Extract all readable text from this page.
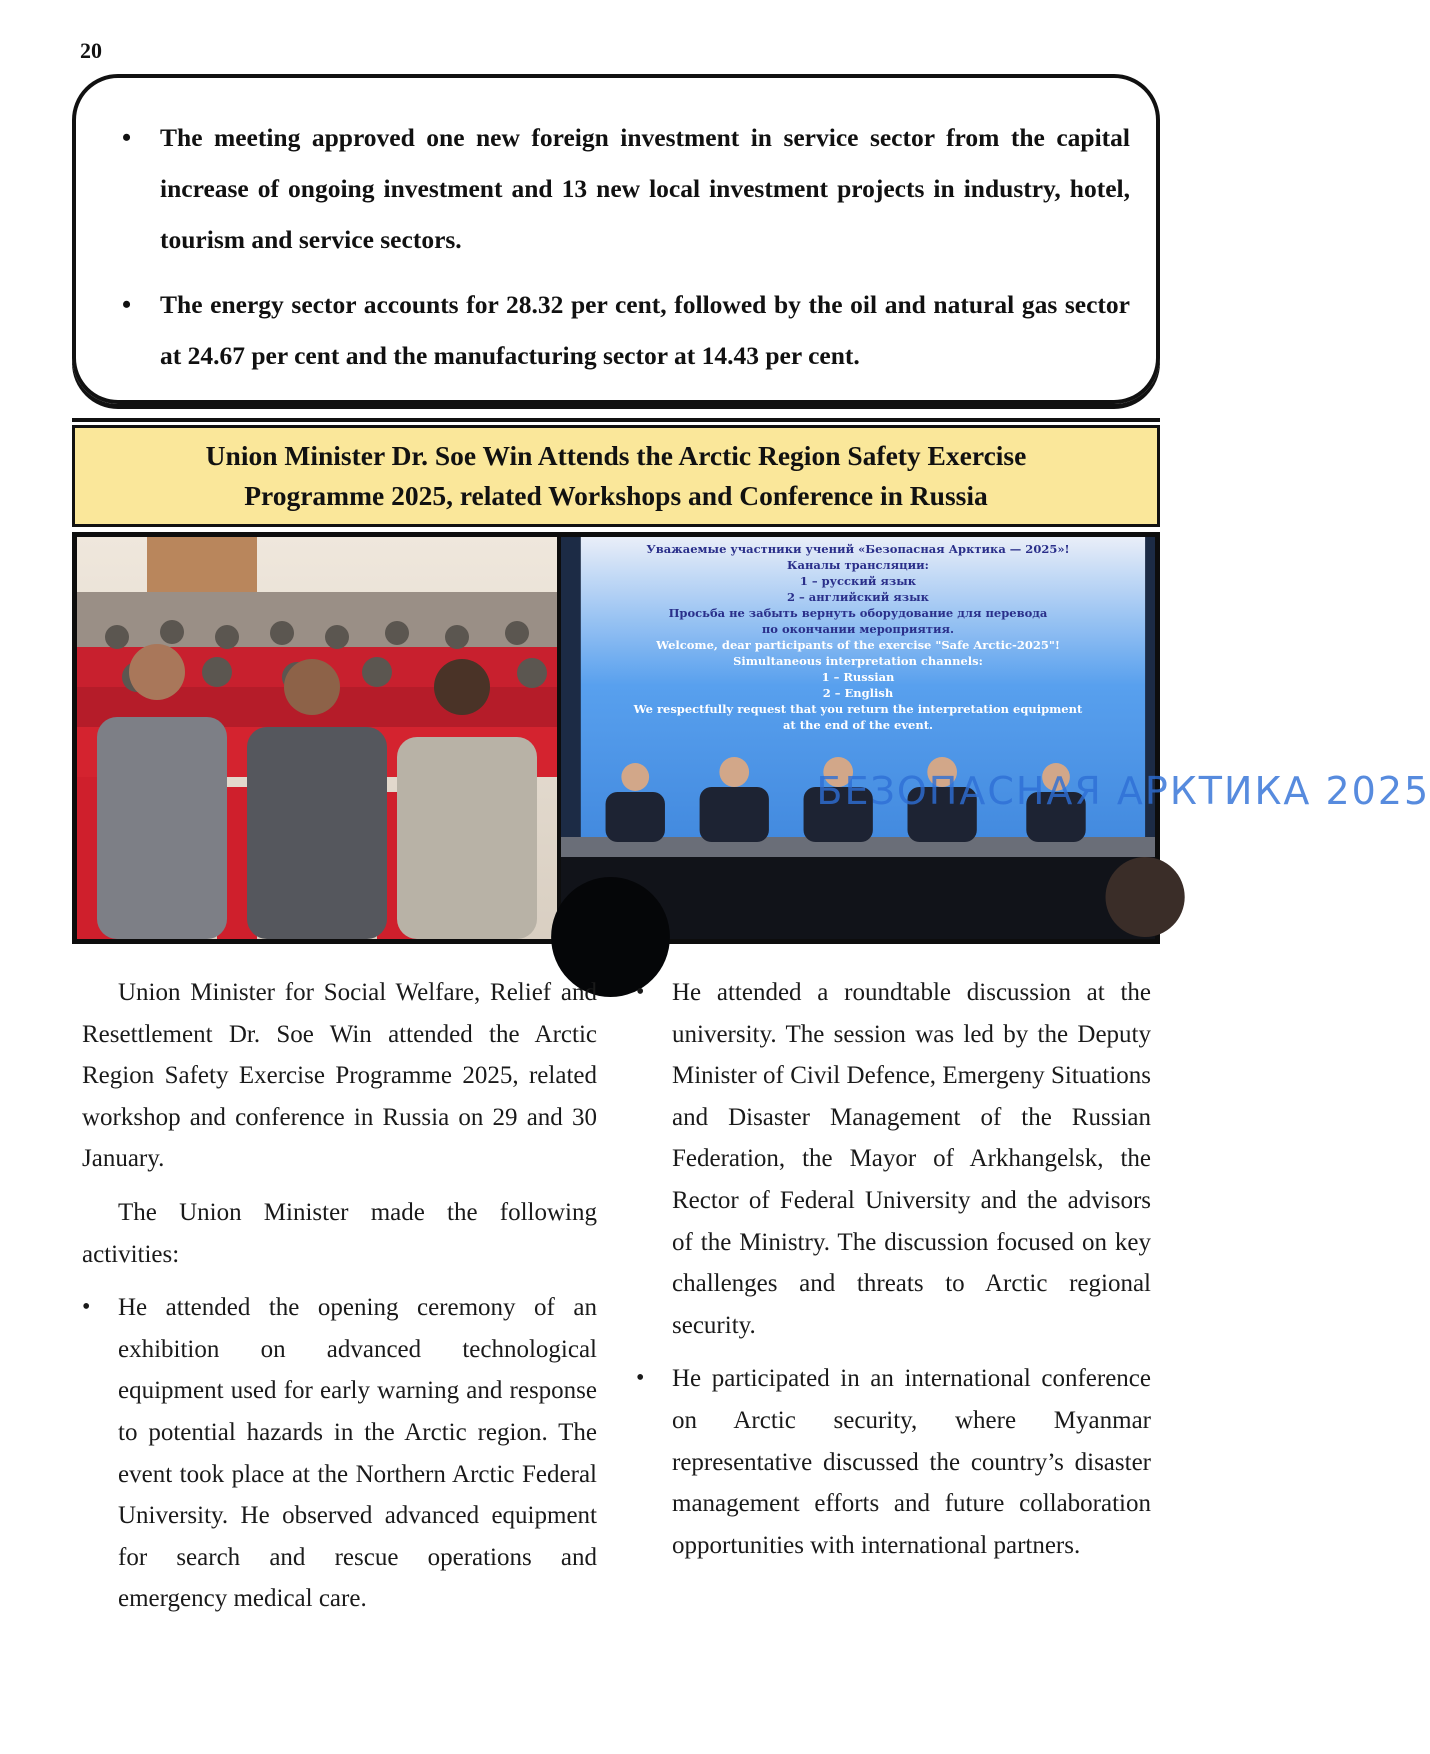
20
• The meeting approved one new foreign investment in service sector from the capital increase of ongoing investment and 13 new local investment projects in industry, hotel, tourism and service sectors.
• The energy sector accounts for 28.32 per cent, followed by the oil and natural gas sector at 24.67 per cent and the manufacturing sector at 14.43 per cent.
Union Minister Dr. Soe Win Attends the Arctic Region Safety Exercise
Programme 2025, related Workshops and Conference in Russia
Уважаемые участники учений «Безопасная Арктика — 2025»!
Каналы трансляции:
1 – русский язык
2 – английский язык
Просьба не забыть вернуть оборудование для перевода
по окончании мероприятия.
Welcome, dear participants of the exercise "Safe Arctic-2025"!
Simultaneous interpretation channels:
1 – Russian
2 – English
We respectfully request that you return the interpretation equipment
at the end of the event.
БЕЗОПАСНАЯ АРКТИКА 2025

Union Minister for Social Welfare, Relief and Resettlement Dr. Soe Win attended the Arctic Region Safety Exercise Programme 2025, related workshop and conference in Russia on 29 and 30 January.

The Union Minister made the following activities:

• He attended the opening ceremony of an exhibition on advanced technological equipment used for early warning and response to potential hazards in the Arctic region. The event took place at the Northern Arctic Federal University. He observed advanced equipment for search and rescue operations and emergency medical care.
• He attended a roundtable discussion at the university. The session was led by the Deputy Minister of Civil Defence, Emergeny Situations and Disaster Management of the Russian Federation, the Mayor of Arkhangelsk, the Rector of Federal University and the advisors of the Ministry. The discussion focused on key challenges and threats to Arctic regional security.
• He participated in an international conference on Arctic security, where Myanmar representative discussed the country’s disaster management efforts and future collaboration opportunities with international partners.
